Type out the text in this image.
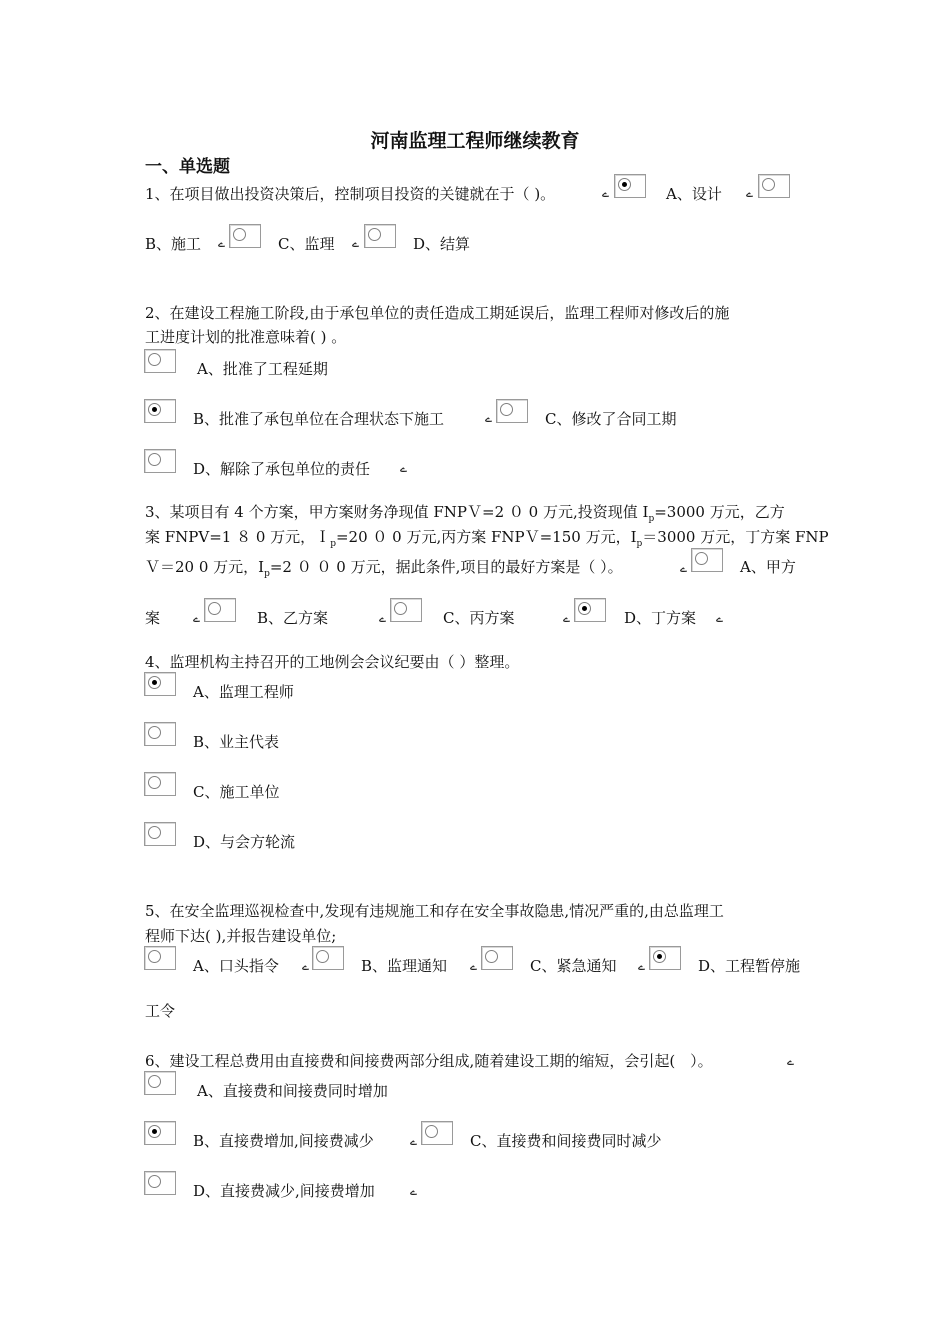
河南监理工程师继续教育
一、单选题
1、在项目做出投资决策后，控制项目投资的关键就在于（ )。	ے	A、设计 ے
B、施工 ے	C、监理 ے	D、结算
2、在建设工程施工阶段,由于承包单位的责任造成工期延误后，监理工程师对修改后的施
工进度计划的批准意味着( ) 。
A、批准了工程延期
B、批准了承包单位在合理状态下施工	ے	C、修改了合同工期
D、解除了承包单位的责任 ے
3、某项目有 4 个方案，甲方案财务净现值 FNPＶ=2 ０ 0 万元,投资现值 $I_p=3000$ 万元，乙方
案 FNPV=1 ８ 0 万元，Ｉ$_p$=20 ０ 0 万元,丙方案 FNPＶ=150 万元，$I_p=3000$ 万元，丁方案 FNP
Ｖ＝20 0 万元，$I_p=2$ ０ ０ 0 万元，据此条件,项目的最好方案是（ ）。	ے	A、甲方
案	ے	B、乙方案	ے	C、丙方案	ے	D、丁方案 ے
4、监理机构主持召开的工地例会会议纪要由（ ）整理。
A、监理工程师
B、业主代表
C、施工单位
D、与会方轮流
5、在安全监理巡视检查中,发现有违规施工和存在安全事故隐患,情况严重的,由总监理工
程师下达( ),并报告建设单位;
A、口头指令 ے	B、监理通知 ے	C、紧急通知 ے	D、工程暂停施
工令
6、建设工程总费用由直接费和间接费两部分组成,随着建设工期的缩短，会引起(　）。	ے
A、直接费和间接费同时增加
B、直接费增加,间接费减少	ے	C、直接费和间接费同时减少
D、直接费减少,间接费增加	ے
